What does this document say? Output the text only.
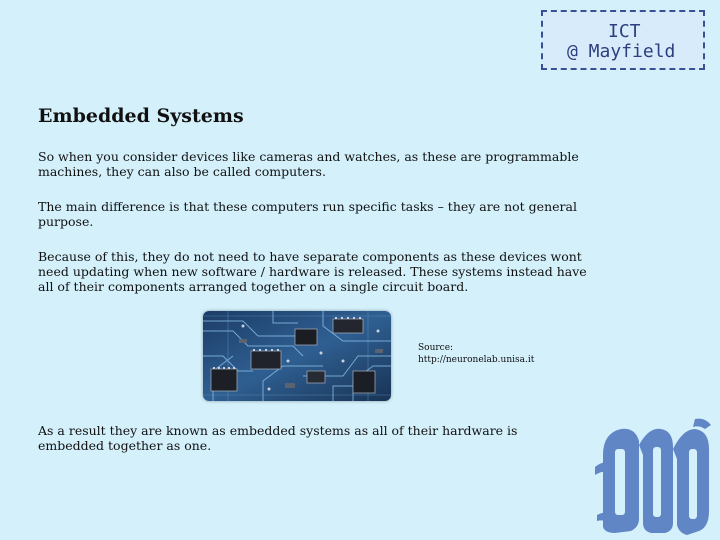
ICT
@ Mayfield
Embedded Systems

So when you consider devices like cameras and watches, as these are programmable machines, they can also be called computers.

The main difference is that these computers run specific tasks – they are not general purpose.

Because of this, they do not need to have separate components as these devices wont need updating when new software / hardware is released. These systems instead have all of their components arranged together on a single circuit board.

Source:
http://neuronelab.unisa.it

As a result they are known as embedded systems as all of their hardware is embedded together as one.
